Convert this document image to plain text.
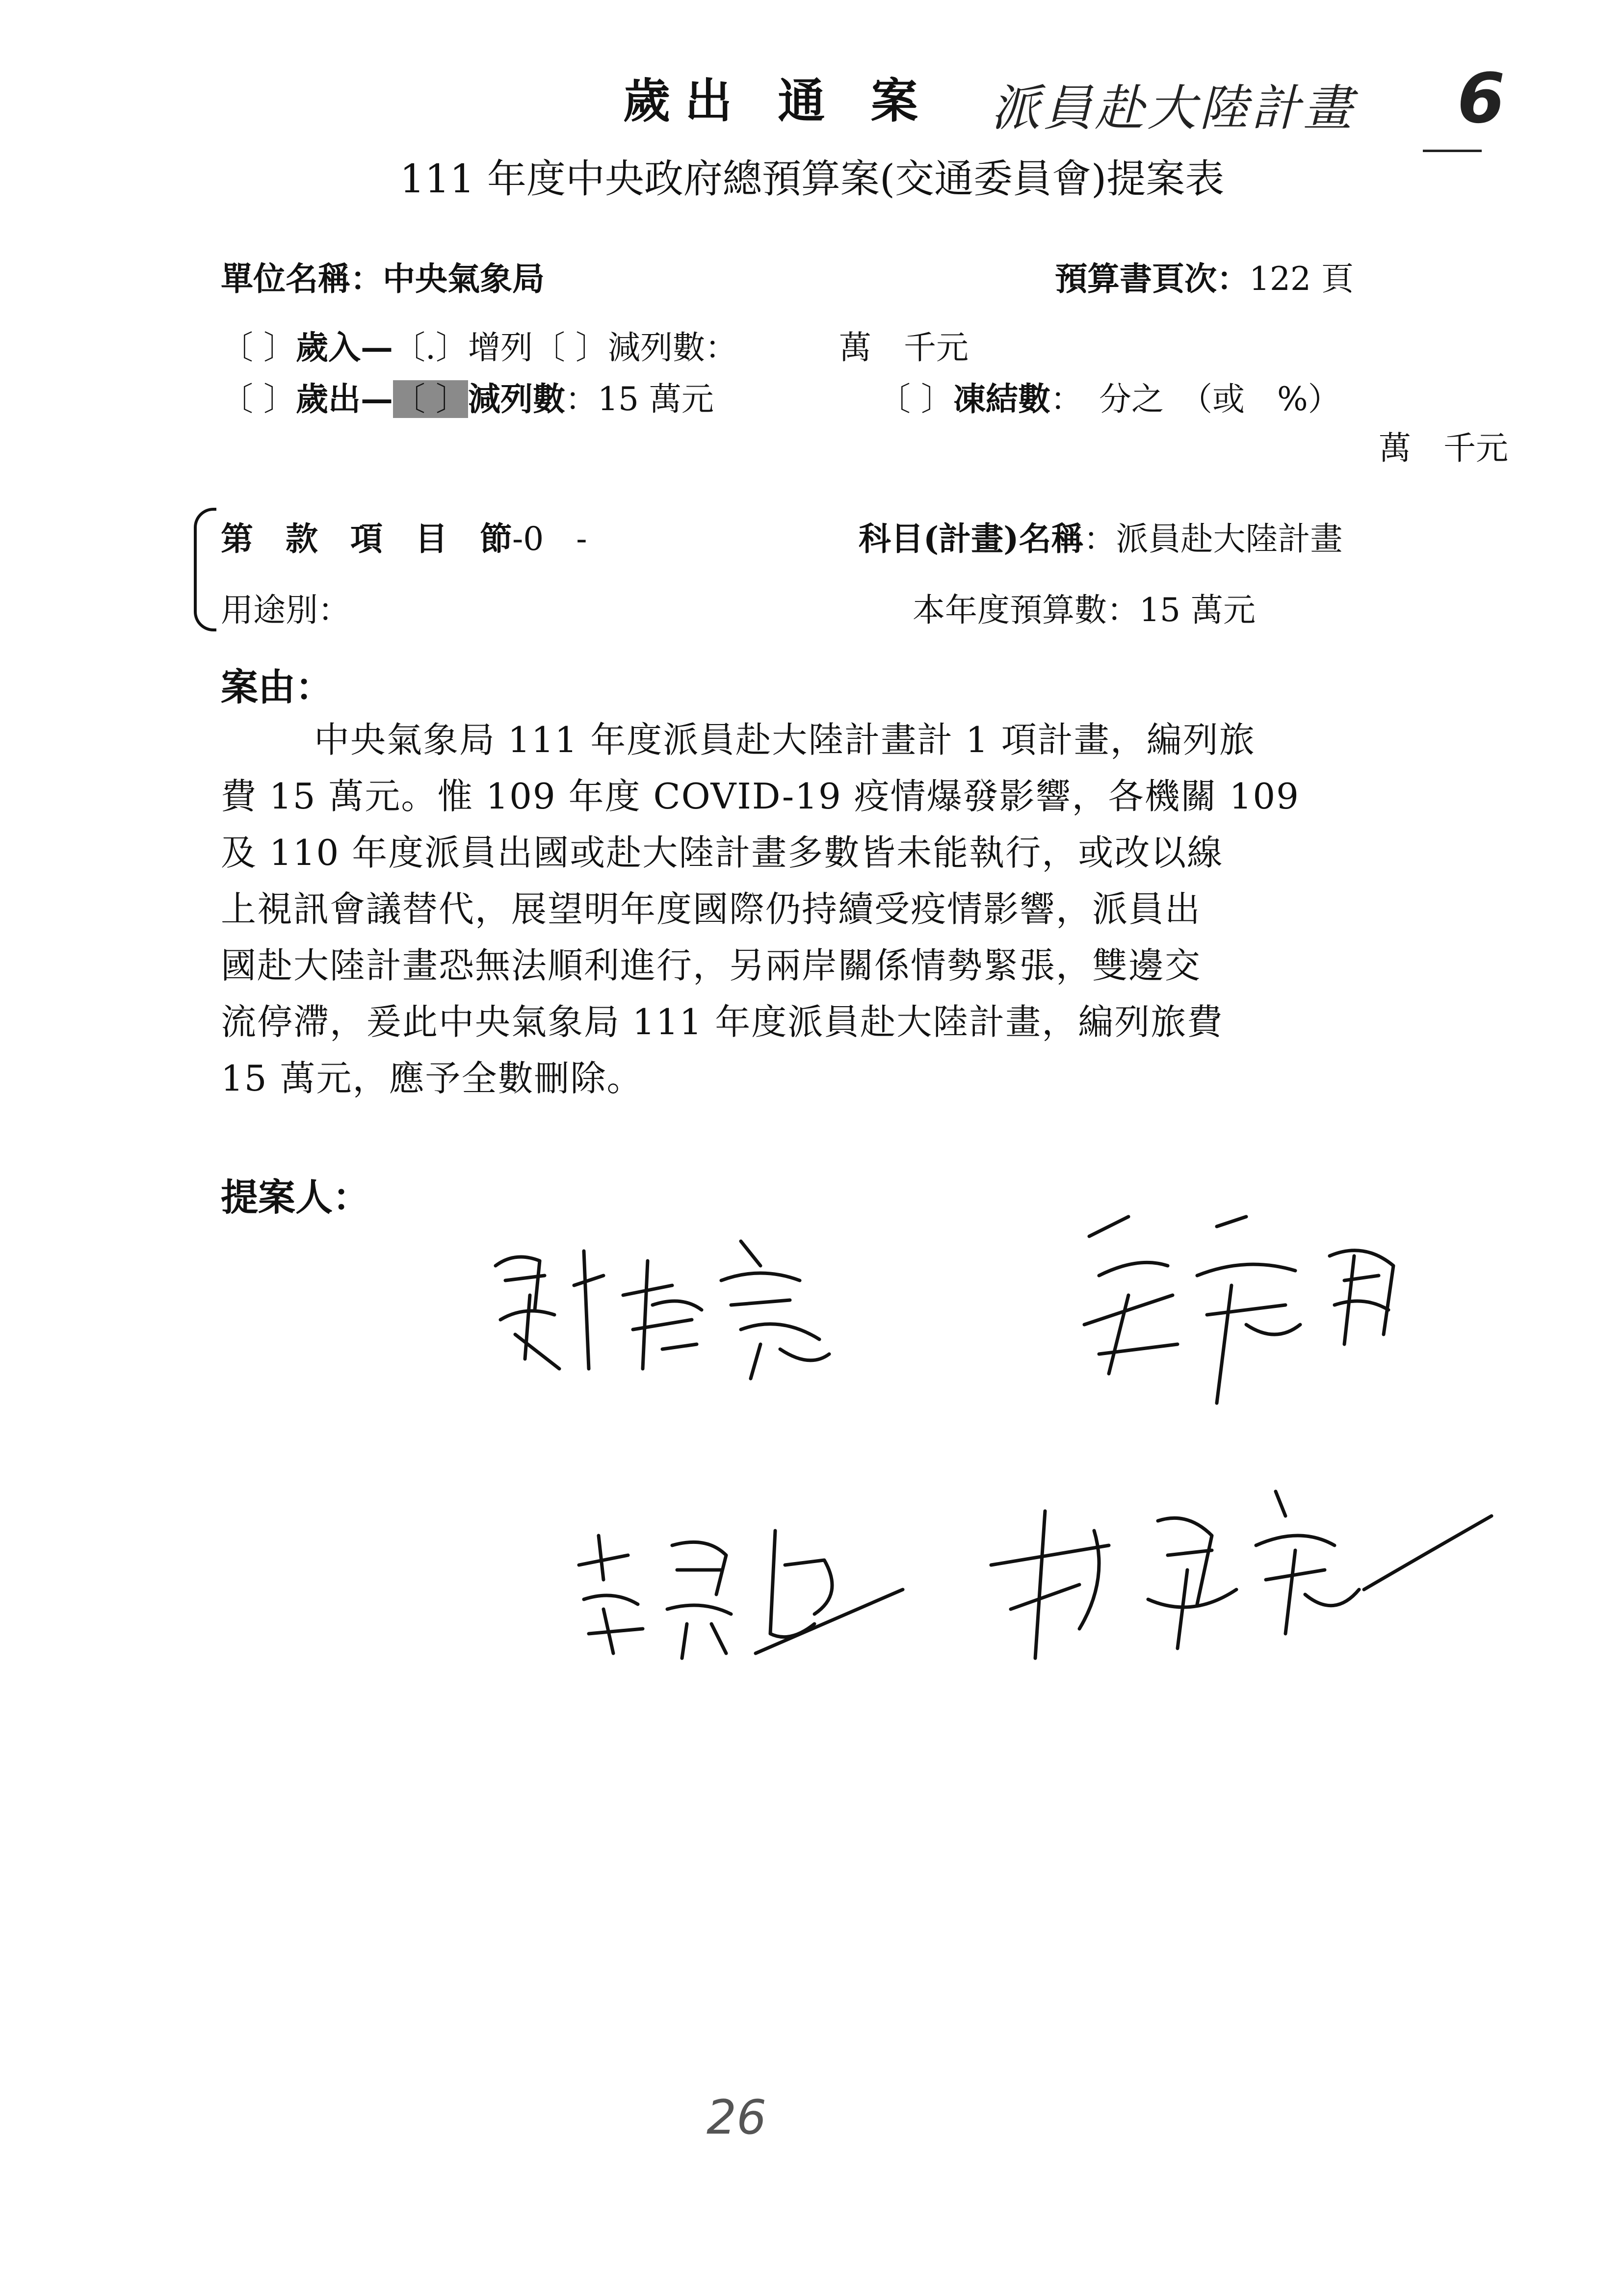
歲出 通 案 派員赴大陸計畫 6
111 年度中央政府總預算案(交通委員會)提案表
單位名稱：中央氣象局	預算書頁次：122 頁
〔 〕歲入—〔.〕增列〔 〕減列數：	萬　千元
〔 〕歲出—〔 〕減列數：15 萬元	〔 〕凍結數：　分之　（或　%）
萬　千元
第　款　項　目　節-0　-	科目(計畫)名稱：派員赴大陸計畫
用途別：	本年度預算數：15 萬元
案由：
中央氣象局 111 年度派員赴大陸計畫計 1 項計畫，編列旅
費 15 萬元。惟 109 年度 COVID-19 疫情爆發影響，各機關 109
及 110 年度派員出國或赴大陸計畫多數皆未能執行，或改以線
上視訊會議替代，展望明年度國際仍持續受疫情影響，派員出
國赴大陸計畫恐無法順利進行，另兩岸關係情勢緊張，雙邊交
流停滯，爰此中央氣象局 111 年度派員赴大陸計畫，編列旅費
15 萬元，應予全數刪除。
提案人：
26
